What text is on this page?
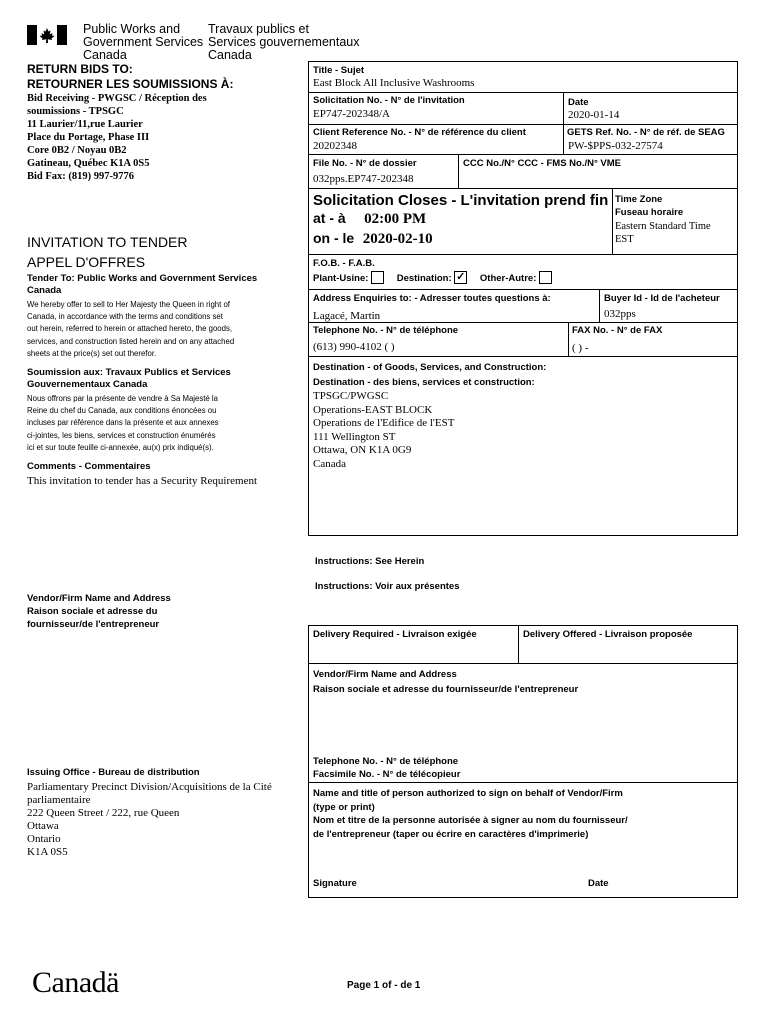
Public Works and
Government Services
Canada
Travaux publics et
Services gouvernementaux
Canada
RETURN BIDS TO:
RETOURNER LES SOUMISSIONS À:
Bid Receiving - PWGSC / Réception des
soumissions - TPSGC
11 Laurier/11,rue Laurier
Place du Portage, Phase III
Core 0B2 / Noyau 0B2
Gatineau, Québec K1A 0S5
Bid Fax: (819) 997-9776
INVITATION TO TENDER
APPEL D'OFFRES
Tender To: Public Works and Government Services Canada
We hereby offer to sell to Her Majesty the Queen in right of
Canada, in accordance with the terms and conditions set
out herein, referred to herein or attached hereto, the goods,
services, and construction listed herein and on any attached
sheets at the price(s) set out therefor.
Soumission aux: Travaux Publics et Services Gouvernementaux Canada
Nous offrons par la présente de vendre à Sa Majesté la
Reine du chef du Canada, aux conditions énoncées ou
incluses par référence dans la présente et aux annexes
ci-jointes, les biens, services et construction énumérés
ici et sur toute feuille ci-annexée, au(x) prix indiqué(s).
Comments - Commentaires
This invitation to tender has a Security Requirement
Vendor/Firm Name and Address
Raison sociale et adresse du
fournisseur/de l'entrepreneur
Issuing Office - Bureau de distribution
Parliamentary Precinct Division/Acquisitions de la Cité
parliamentaire
222 Queen Street / 222, rue Queen
Ottawa
Ontario
K1A 0S5
Title - Sujet
East Block All Inclusive Washrooms
Solicitation No. - N° de l'invitation
EP747-202348/A
Date
2020-01-14
Client Reference No. - N° de référence du client
20202348
GETS Ref. No. - N° de réf. de SEAG
PW-$PPS-032-27574
File No. - N° de dossier
032pps.EP747-202348
CCC No./N° CCC - FMS No./N° VME
Solicitation Closes - L'invitation prend fin
at - à 02:00 PM
on - le 2020-02-10
Time Zone
Fuseau horaire
Eastern Standard Time
EST
F.O.B. - F.A.B.
Plant-Usine:	Destination: ✓ Other-Autre:
Address Enquiries to: - Adresser toutes questions à:
Lagacé, Martin
Buyer Id - Id de l'acheteur
032pps
Telephone No. - N° de téléphone
(613) 990-4102 ( )
FAX No. - N° de FAX
( ) -
Destination - of Goods, Services, and Construction:
Destination - des biens, services et construction:
TPSGC/PWGSC
Operations-EAST BLOCK
Operations de l'Edifice de l'EST
111 Wellington ST
Ottawa, ON K1A 0G9
Canada
Instructions: See Herein
Instructions: Voir aux présentes
Delivery Required - Livraison exigée	Delivery Offered - Livraison proposée
Vendor/Firm Name and Address
Raison sociale et adresse du fournisseur/de l'entrepreneur
Telephone No. - N° de téléphone
Facsimile No. - N° de télécopieur
Name and title of person authorized to sign on behalf of Vendor/Firm
(type or print)
Nom et titre de la personne autorisée à signer au nom du fournisseur/
de l'entrepreneur (taper ou écrire en caractères d'imprimerie)
Signature	Date
Canadä	Page 1 of - de 1
